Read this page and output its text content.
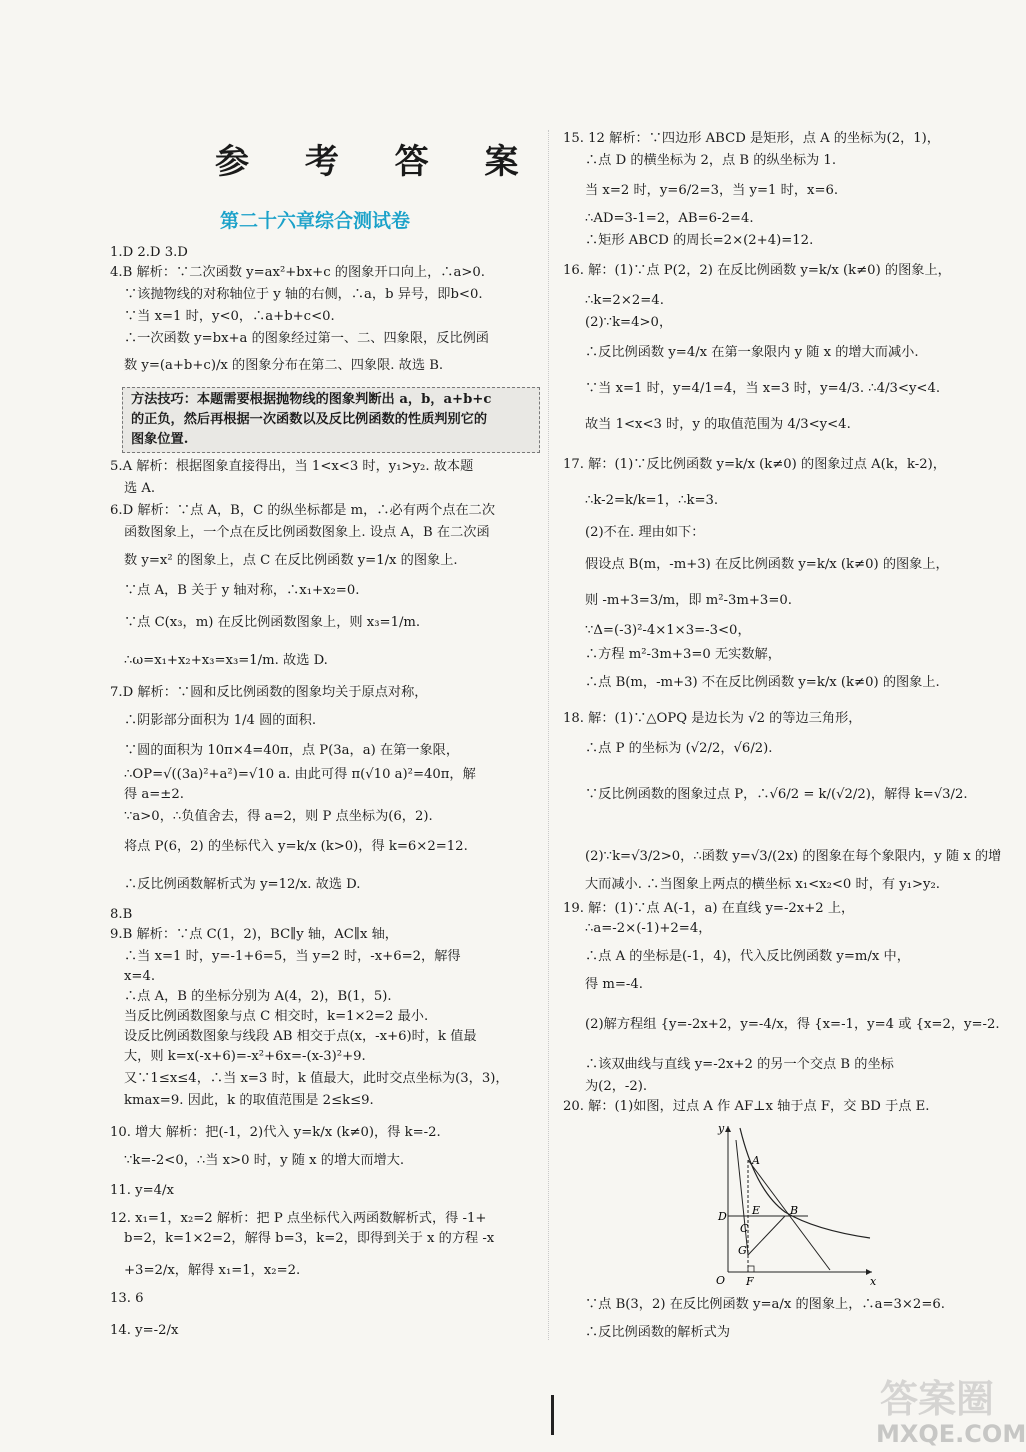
参 考 答 案
第二十六章综合测试卷
1.D 2.D 3.D
4.B 解析：∵二次函数 y=ax²+bx+c 的图象开口向上，∴a>0.
∵该抛物线的对称轴位于 y 轴的右侧，∴a，b 异号，即b<0.
∵当 x=1 时，y<0，∴a+b+c<0.
∴一次函数 y=bx+a 的图象经过第一、二、四象限，反比例函
数 y=(a+b+c)/x 的图象分布在第二、四象限. 故选 B.
5.A 解析：根据图象直接得出，当 1<x<3 时，y₁>y₂. 故本题
选 A.
6.D 解析：∵点 A，B，C 的纵坐标都是 m，∴必有两个点在二次
函数图象上，一个点在反比例函数图象上. 设点 A，B 在二次函
数 y=x² 的图象上，点 C 在反比例函数 y=1/x 的图象上.
∵点 A，B 关于 y 轴对称，∴x₁+x₂=0.
∵点 C(x₃，m) 在反比例函数图象上，则 x₃=1/m.
∴ω=x₁+x₂+x₃=x₃=1/m. 故选 D.
7.D 解析：∵圆和反比例函数的图象均关于原点对称，
∴阴影部分面积为 1/4 圆的面积.
∵圆的面积为 10π×4=40π，点 P(3a，a) 在第一象限，
∴OP=√((3a)²+a²)=√10 a. 由此可得 π(√10 a)²=40π，解
得 a=±2.
∵a>0，∴负值舍去，得 a=2，则 P 点坐标为(6，2).
将点 P(6，2) 的坐标代入 y=k/x (k>0)，得 k=6×2=12.
∴反比例函数解析式为 y=12/x. 故选 D.
8.B
9.B 解析：∵点 C(1，2)，BC∥y 轴，AC∥x 轴，
∴当 x=1 时，y=-1+6=5，当 y=2 时，-x+6=2，解得
x=4.
∴点 A，B 的坐标分别为 A(4，2)，B(1，5).
当反比例函数图象与点 C 相交时，k=1×2=2 最小.
设反比例函数图象与线段 AB 相交于点(x，-x+6)时，k 值最
大，则 k=x(-x+6)=-x²+6x=-(x-3)²+9.
又∵1≤x≤4，∴当 x=3 时，k 值最大，此时交点坐标为(3，3)，
kmax=9. 因此，k 的取值范围是 2≤k≤9.
10. 增大 解析：把(-1，2)代入 y=k/x (k≠0)，得 k=-2.
∵k=-2<0，∴当 x>0 时，y 随 x 的增大而增大.
11. y=4/x
12. x₁=1，x₂=2 解析：把 P 点坐标代入两函数解析式，得 -1+
b=2，k=1×2=2，解得 b=3，k=2，即得到关于 x 的方程 -x
+3=2/x，解得 x₁=1，x₂=2.
13. 6
14. y=-2/x
方法技巧：本题需要根据抛物线的图象判断出 a，b，a+b+c
的正负，然后再根据一次函数以及反比例函数的性质判别它的
图象位置.
15. 12 解析：∵四边形 ABCD 是矩形，点 A 的坐标为(2，1)，
∴点 D 的横坐标为 2，点 B 的纵坐标为 1.
当 x=2 时，y=6/2=3，当 y=1 时，x=6.
∴AD=3-1=2，AB=6-2=4.
∴矩形 ABCD 的周长=2×(2+4)=12.
16. 解：(1)∵点 P(2，2) 在反比例函数 y=k/x (k≠0) 的图象上，
∴k=2×2=4.
(2)∵k=4>0，
∴反比例函数 y=4/x 在第一象限内 y 随 x 的增大而减小.
∵当 x=1 时，y=4/1=4，当 x=3 时，y=4/3. ∴4/3<y<4.
故当 1<x<3 时，y 的取值范围为 4/3<y<4.
17. 解：(1)∵反比例函数 y=k/x (k≠0) 的图象过点 A(k，k-2)，
∴k-2=k/k=1，∴k=3.
(2)不在. 理由如下：
假设点 B(m，-m+3) 在反比例函数 y=k/x (k≠0) 的图象上，
则 -m+3=3/m，即 m²-3m+3=0.
∵Δ=(-3)²-4×1×3=-3<0，
∴方程 m²-3m+3=0 无实数解，
∴点 B(m，-m+3) 不在反比例函数 y=k/x (k≠0) 的图象上.
18. 解：(1)∵△OPQ 是边长为 √2 的等边三角形，
∴点 P 的坐标为 (√2/2，√6/2).
∵反比例函数的图象过点 P，∴√6/2 = k/(√2/2)，解得 k=√3/2.
(2)∵k=√3/2>0，∴函数 y=√3/(2x) 的图象在每个象限内，y 随 x 的增
大而减小. ∴当图象上两点的横坐标 x₁<x₂<0 时，有 y₁>y₂.
19. 解：(1)∵点 A(-1，a) 在直线 y=-2x+2 上，
∴a=-2×(-1)+2=4，
∴点 A 的坐标是(-1，4)，代入反比例函数 y=m/x 中，
得 m=-4.
(2)解方程组 {y=-2x+2，y=-4/x，得 {x=-1，y=4 或 {x=2，y=-2.
∴该双曲线与直线 y=-2x+2 的另一个交点 B 的坐标
为(2，-2).
20. 解：(1)如图，过点 A 作 AF⊥x 轴于点 F，交 BD 于点 E.
∵点 B(3，2) 在反比例函数 y=a/x 的图象上，∴a=3×2=6.
∴反比例函数的解析式为
y
x
O
A
B
C
D E
F
G
答案圈
MXQE.COM
